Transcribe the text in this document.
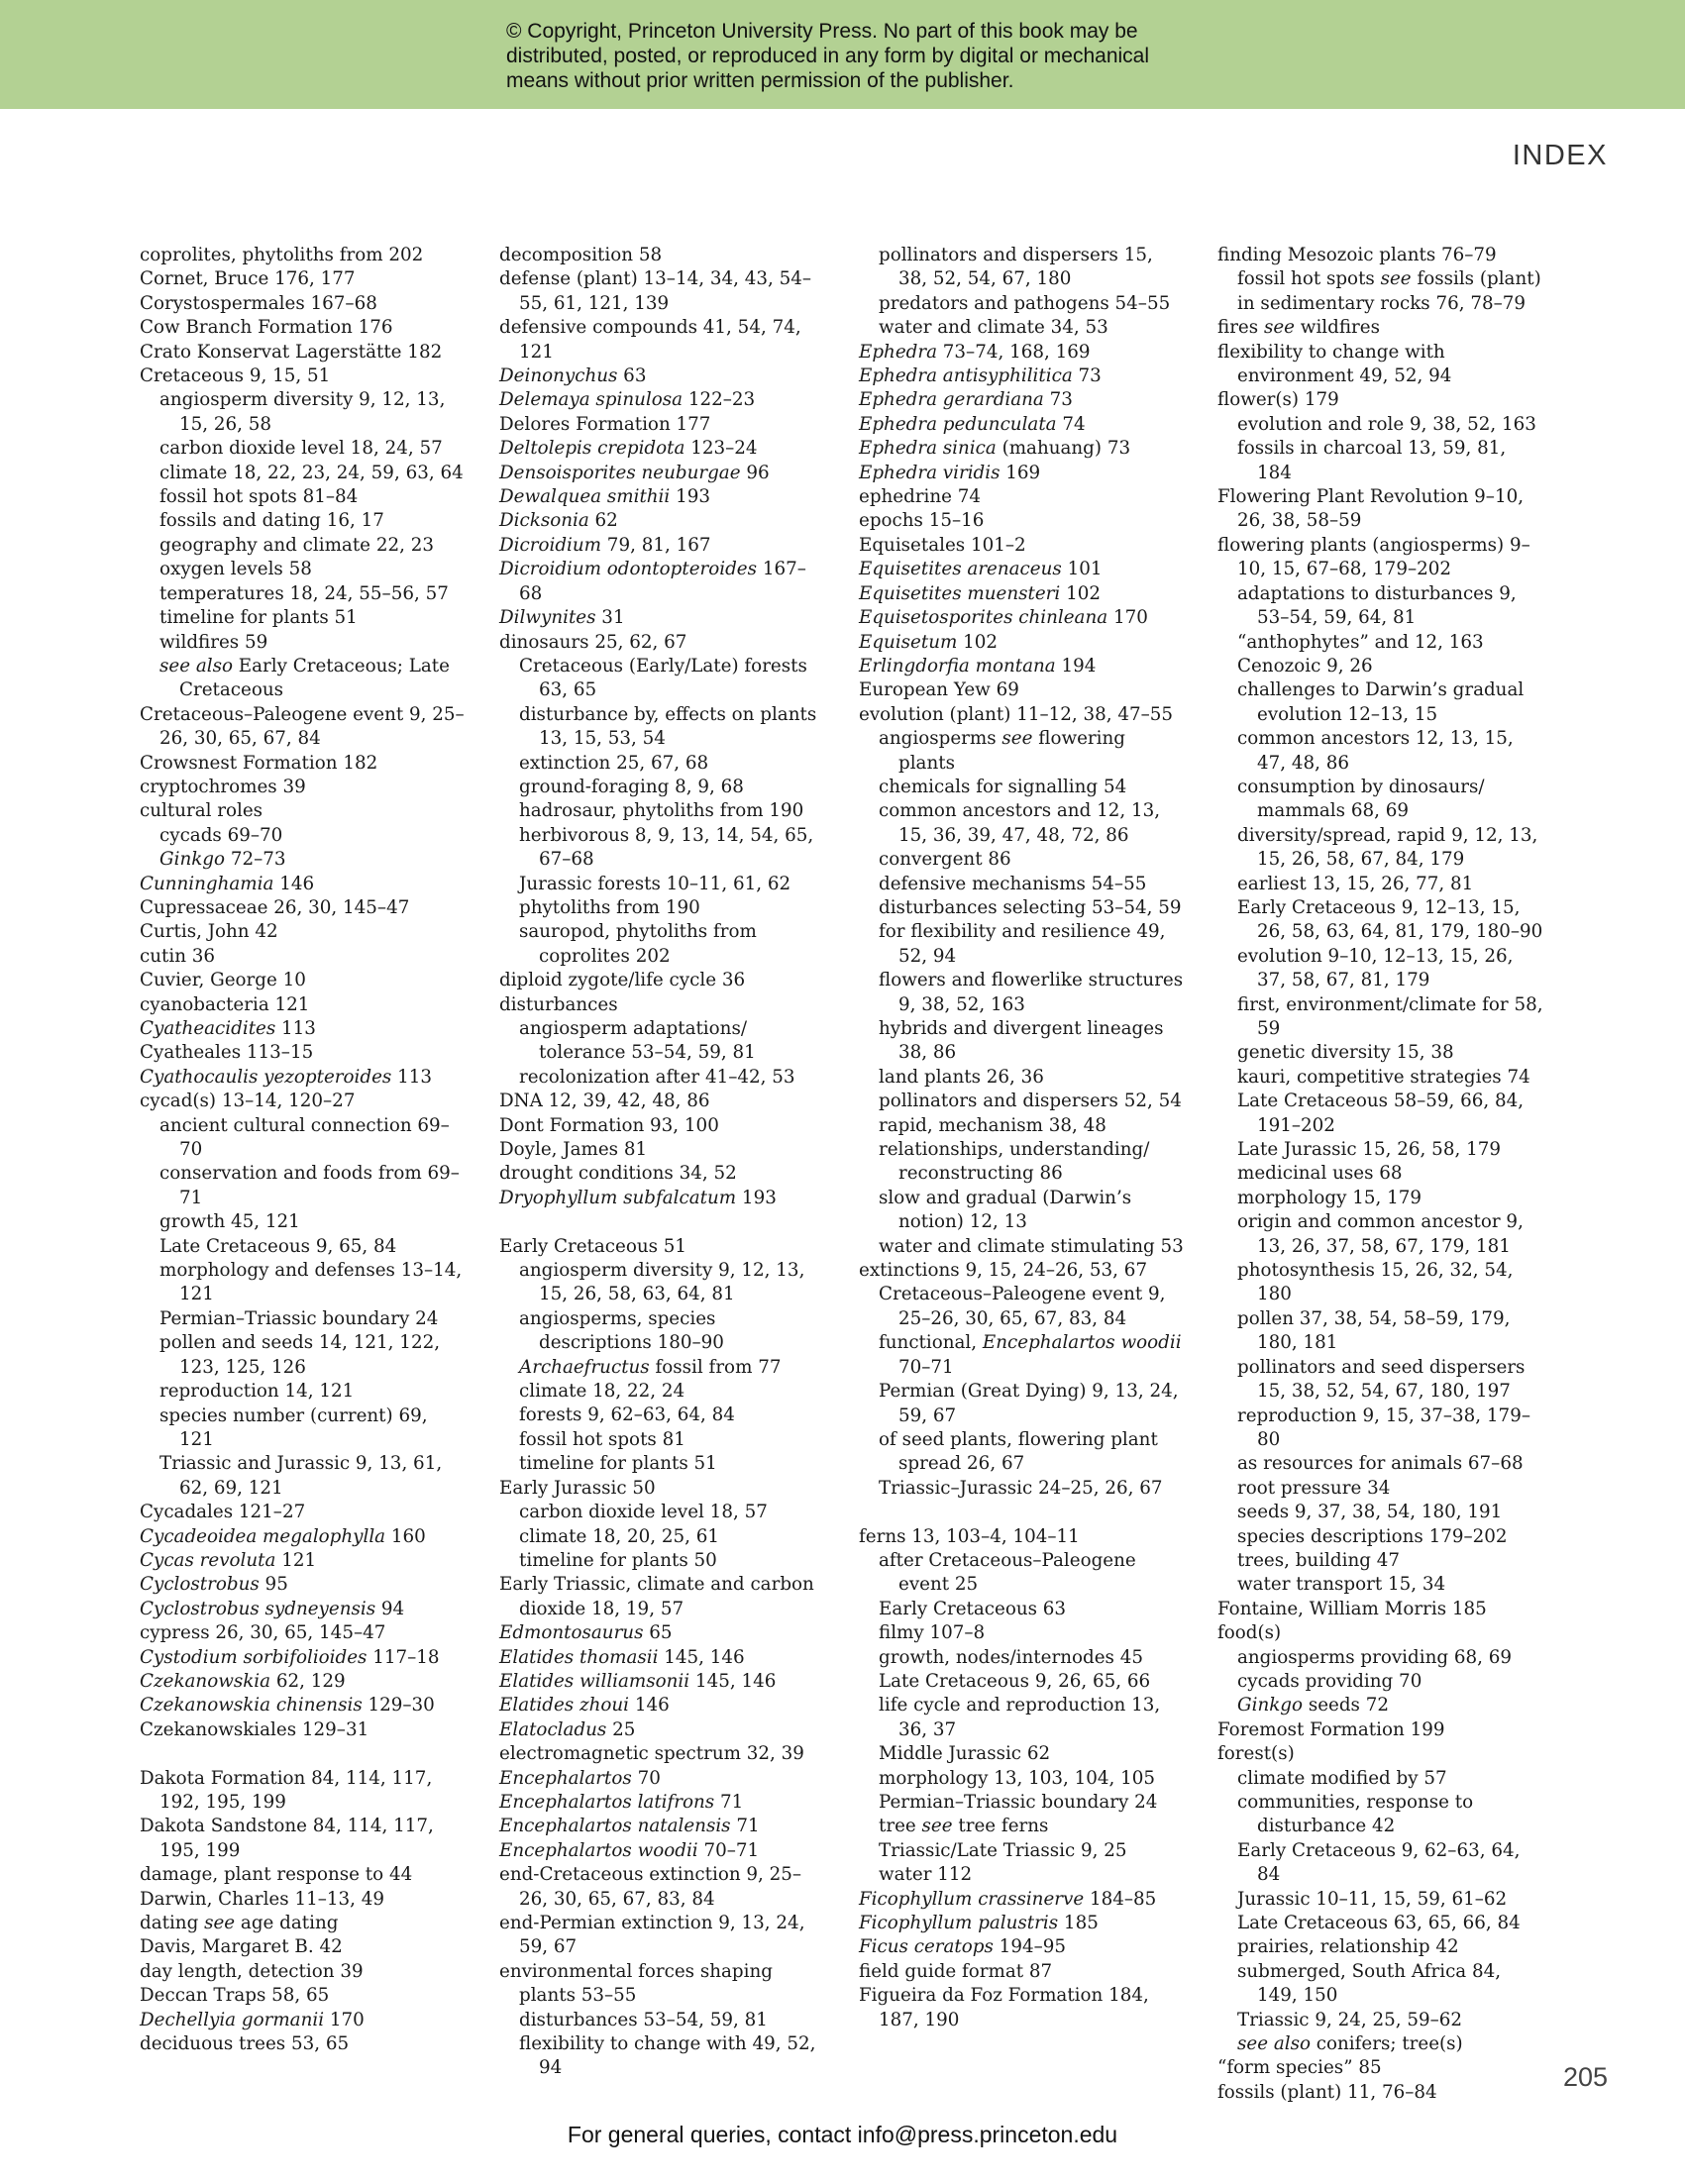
© Copyright, Princeton University Press. No part of this book may be
distributed, posted, or reproduced in any form by digital or mechanical
means without prior written permission of the publisher.
INDEX
coprolites, phytoliths from 202
Cornet, Bruce 176, 177
Corystospermales 167–68
Cow Branch Formation 176
Crato Konservat Lagerstätte 182
Cretaceous 9, 15, 51
angiosperm diversity 9, 12, 13, 15, 26, 58
carbon dioxide level 18, 24, 57
climate 18, 22, 23, 24, 59, 63, 64
fossil hot spots 81–84
fossils and dating 16, 17
geography and climate 22, 23
oxygen levels 58
temperatures 18, 24, 55–56, 57
timeline for plants 51
wildfires 59
see also Early Cretaceous; Late Cretaceous
Cretaceous–Paleogene event 9, 25–26, 30, 65, 67, 84
Crowsnest Formation 182
cryptochromes 39
cultural roles
cycads 69–70
Ginkgo 72–73
Cunninghamia 146
Cupressaceae 26, 30, 145–47
Curtis, John 42
cutin 36
Cuvier, George 10
cyanobacteria 121
Cyatheacidites 113
Cyatheales 113–15
Cyathocaulis yezopteroides 113
cycad(s) 13–14, 120–27
ancient cultural connection 69–70
conservation and foods from 69–71
growth 45, 121
Late Cretaceous 9, 65, 84
morphology and defenses 13–14, 121
Permian–Triassic boundary 24
pollen and seeds 14, 121, 122, 123, 125, 126
reproduction 14, 121
species number (current) 69, 121
Triassic and Jurassic 9, 13, 61, 62, 69, 121
Cycadales 121–27
Cycadeoidea megalophylla 160
Cycas revoluta 121
Cyclostrobus 95
Cyclostrobus sydneyensis 94
cypress 26, 30, 65, 145–47
Cystodium sorbifolioides 117–18
Czekanowskia 62, 129
Czekanowskia chinensis 129–30
Czekanowskiales 129–31
Dakota Formation 84, 114, 117, 192, 195, 199
Dakota Sandstone 84, 114, 117, 195, 199
damage, plant response to 44
Darwin, Charles 11–13, 49
dating see age dating
Davis, Margaret B. 42
day length, detection 39
Deccan Traps 58, 65
Dechellyia gormanii 170
deciduous trees 53, 65
decomposition 58
defense (plant) 13–14, 34, 43, 54–55, 61, 121, 139
defensive compounds 41, 54, 74, 121
Deinonychus 63
Delemaya spinulosa 122–23
Delores Formation 177
Deltolepis crepidota 123–24
Densoisporites neuburgae 96
Dewalquea smithii 193
Dicksonia 62
Dicroidium 79, 81, 167
Dicroidium odontopteroides 167–68
Dilwynites 31
dinosaurs 25, 62, 67
Cretaceous (Early/Late) forests 63, 65
disturbance by, effects on plants 13, 15, 53, 54
extinction 25, 67, 68
ground-foraging 8, 9, 68
hadrosaur, phytoliths from 190
herbivorous 8, 9, 13, 14, 54, 65, 67–68
Jurassic forests 10–11, 61, 62
phytoliths from 190
sauropod, phytoliths from coprolites 202
diploid zygote/life cycle 36
disturbances
angiosperm adaptations/ tolerance 53–54, 59, 81
recolonization after 41–42, 53
DNA 12, 39, 42, 48, 86
Dont Formation 93, 100
Doyle, James 81
drought conditions 34, 52
Dryophyllum subfalcatum 193
Early Cretaceous 51
angiosperm diversity 9, 12, 13, 15, 26, 58, 63, 64, 81
angiosperms, species descriptions 180–90
Archaefructus fossil from 77
climate 18, 22, 24
forests 9, 62–63, 64, 84
fossil hot spots 81
timeline for plants 51
Early Jurassic 50
carbon dioxide level 18, 57
climate 18, 20, 25, 61
timeline for plants 50
Early Triassic, climate and carbon dioxide 18, 19, 57
Edmontosaurus 65
Elatides thomasii 145, 146
Elatides williamsonii 145, 146
Elatides zhoui 146
Elatocladus 25
electromagnetic spectrum 32, 39
Encephalartos 70
Encephalartos latifrons 71
Encephalartos natalensis 71
Encephalartos woodii 70–71
end-Cretaceous extinction 9, 25–26, 30, 65, 67, 83, 84
end-Permian extinction 9, 13, 24, 59, 67
environmental forces shaping plants 53–55
disturbances 53–54, 59, 81
flexibility to change with 49, 52, 94
pollinators and dispersers 15, 38, 52, 54, 67, 180
predators and pathogens 54–55
water and climate 34, 53
Ephedra 73–74, 168, 169
Ephedra antisyphilitica 73
Ephedra gerardiana 73
Ephedra pedunculata 74
Ephedra sinica (mahuang) 73
Ephedra viridis 169
ephedrine 74
epochs 15–16
Equisetales 101–2
Equisetites arenaceus 101
Equisetites muensteri 102
Equisetosporites chinleana 170
Equisetum 102
Erlingdorfia montana 194
European Yew 69
evolution (plant) 11–12, 38, 47–55
angiosperms see flowering plants
chemicals for signalling 54
common ancestors and 12, 13, 15, 36, 39, 47, 48, 72, 86
convergent 86
defensive mechanisms 54–55
disturbances selecting 53–54, 59
for flexibility and resilience 49, 52, 94
flowers and flowerlike structures 9, 38, 52, 163
hybrids and divergent lineages 38, 86
land plants 26, 36
pollinators and dispersers 52, 54
rapid, mechanism 38, 48
relationships, understanding/ reconstructing 86
slow and gradual (Darwin’s notion) 12, 13
water and climate stimulating 53
extinctions 9, 15, 24–26, 53, 67
Cretaceous–Paleogene event 9, 25–26, 30, 65, 67, 83, 84
functional, Encephalartos woodii 70–71
Permian (Great Dying) 9, 13, 24, 59, 67
of seed plants, flowering plant spread 26, 67
Triassic–Jurassic 24–25, 26, 67
ferns 13, 103–4, 104–11
after Cretaceous–Paleogene event 25
Early Cretaceous 63
filmy 107–8
growth, nodes/internodes 45
Late Cretaceous 9, 26, 65, 66
life cycle and reproduction 13, 36, 37
Middle Jurassic 62
morphology 13, 103, 104, 105
Permian–Triassic boundary 24
tree see tree ferns
Triassic/Late Triassic 9, 25
water 112
Ficophyllum crassinerve 184–85
Ficophyllum palustris 185
Ficus ceratops 194–95
field guide format 87
Figueira da Foz Formation 184, 187, 190
finding Mesozoic plants 76–79
fossil hot spots see fossils (plant)
in sedimentary rocks 76, 78–79
fires see wildfires
flexibility to change with environment 49, 52, 94
flower(s) 179
evolution and role 9, 38, 52, 163
fossils in charcoal 13, 59, 81, 184
Flowering Plant Revolution 9–10, 26, 38, 58–59
flowering plants (angiosperms) 9–10, 15, 67–68, 179–202
adaptations to disturbances 9, 53–54, 59, 64, 81
“anthophytes” and 12, 163
Cenozoic 9, 26
challenges to Darwin’s gradual evolution 12–13, 15
common ancestors 12, 13, 15, 47, 48, 86
consumption by dinosaurs/ mammals 68, 69
diversity/spread, rapid 9, 12, 13, 15, 26, 58, 67, 84, 179
earliest 13, 15, 26, 77, 81
Early Cretaceous 9, 12–13, 15, 26, 58, 63, 64, 81, 179, 180–90
evolution 9–10, 12–13, 15, 26, 37, 58, 67, 81, 179
first, environment/climate for 58, 59
genetic diversity 15, 38
kauri, competitive strategies 74
Late Cretaceous 58–59, 66, 84, 191–202
Late Jurassic 15, 26, 58, 179
medicinal uses 68
morphology 15, 179
origin and common ancestor 9, 13, 26, 37, 58, 67, 179, 181
photosynthesis 15, 26, 32, 54, 180
pollen 37, 38, 54, 58–59, 179, 180, 181
pollinators and seed dispersers 15, 38, 52, 54, 67, 180, 197
reproduction 9, 15, 37–38, 179–80
as resources for animals 67–68
root pressure 34
seeds 9, 37, 38, 54, 180, 191
species descriptions 179–202
trees, building 47
water transport 15, 34
Fontaine, William Morris 185
food(s)
angiosperms providing 68, 69
cycads providing 70
Ginkgo seeds 72
Foremost Formation 199
forest(s)
climate modified by 57
communities, response to disturbance 42
Early Cretaceous 9, 62–63, 64, 84
Jurassic 10–11, 15, 59, 61–62
Late Cretaceous 63, 65, 66, 84
prairies, relationship 42
submerged, South Africa 84, 149, 150
Triassic 9, 24, 25, 59–62
see also conifers; tree(s)
“form species” 85
fossils (plant) 11, 76–84
205
For general queries, contact info@press.princeton.edu
